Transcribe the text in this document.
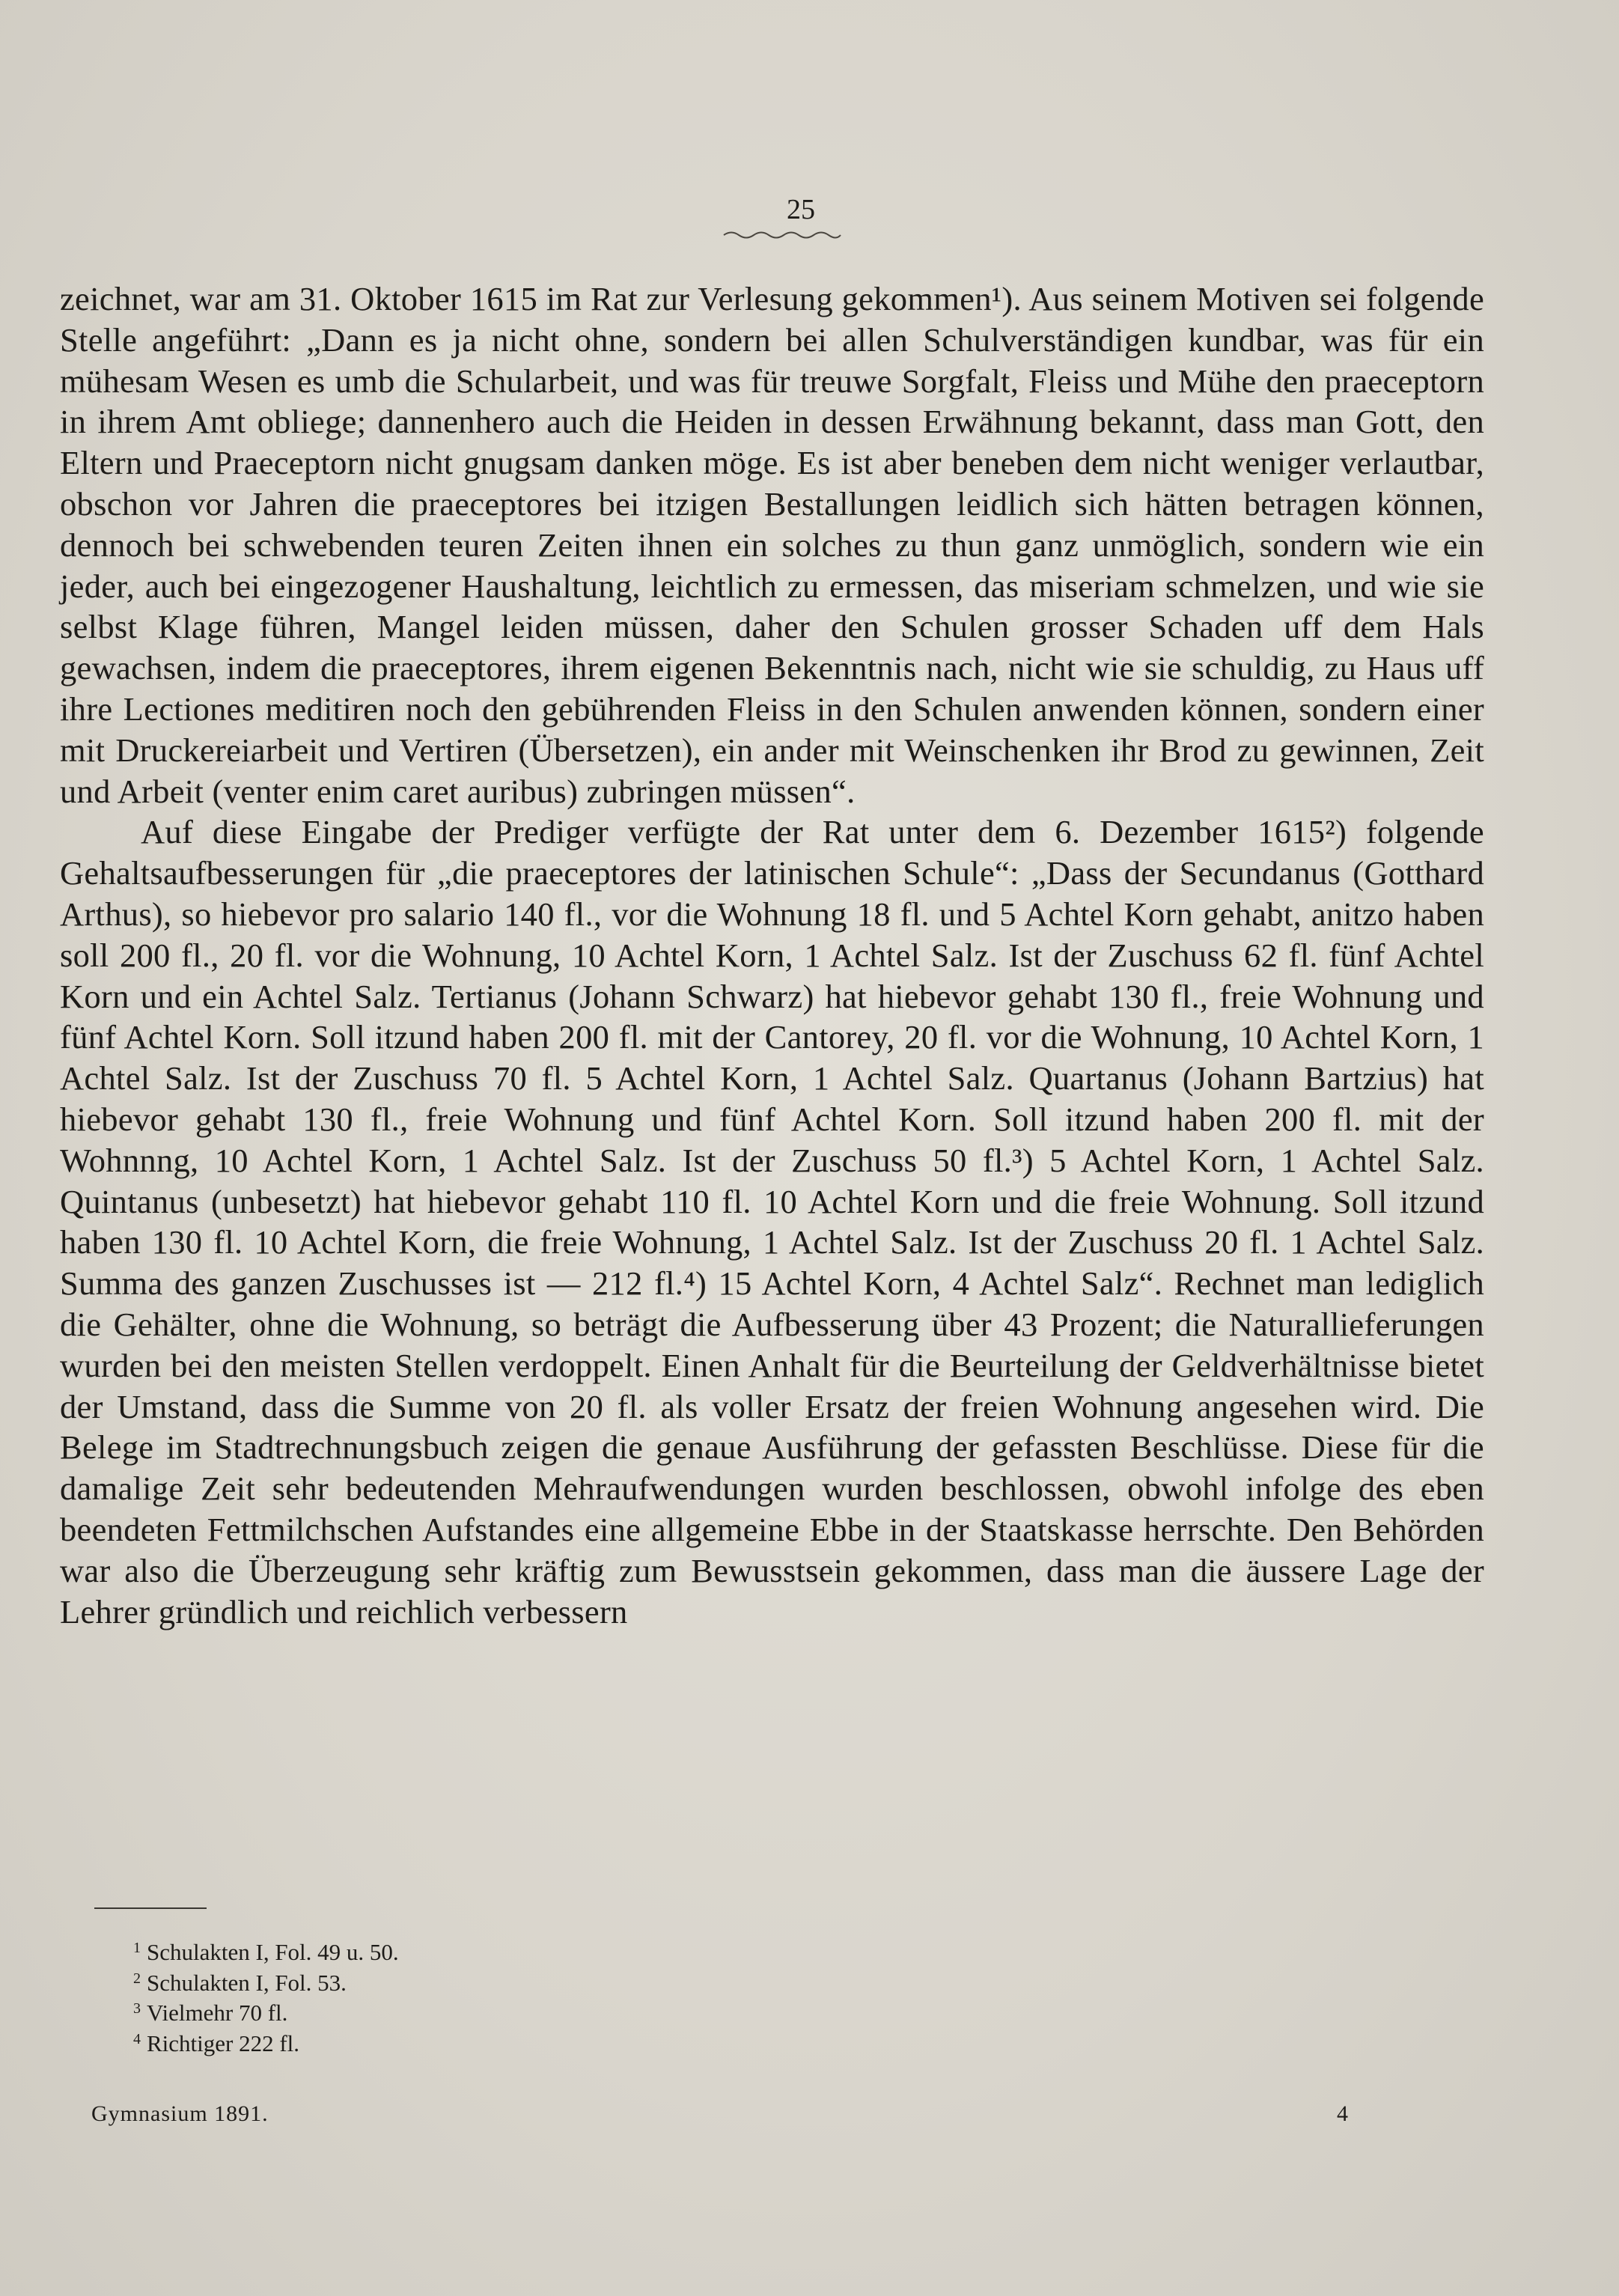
25

zeichnet, war am 31. Oktober 1615 im Rat zur Verlesung gekommen¹). Aus seinem Motiven sei folgende Stelle angeführt: „Dann es ja nicht ohne, sondern bei allen Schulverständigen kundbar, was für ein mühesam Wesen es umb die Schularbeit, und was für treuwe Sorgfalt, Fleiss und Mühe den praeceptorn in ihrem Amt obliege; dannenhero auch die Heiden in dessen Erwähnung bekannt, dass man Gott, den Eltern und Praeceptorn nicht gnugsam danken möge. Es ist aber beneben dem nicht weniger verlautbar, obschon vor Jahren die praeceptores bei itzigen Bestallungen leidlich sich hätten betragen können, dennoch bei schwebenden teuren Zeiten ihnen ein solches zu thun ganz unmöglich, sondern wie ein jeder, auch bei eingezogener Haushaltung, leichtlich zu ermessen, das miseriam schmelzen, und wie sie selbst Klage führen, Mangel leiden müssen, daher den Schulen grosser Schaden uff dem Hals gewachsen, indem die praeceptores, ihrem eigenen Bekenntnis nach, nicht wie sie schuldig, zu Haus uff ihre Lectiones meditiren noch den gebührenden Fleiss in den Schulen anwenden können, sondern einer mit Druckereiarbeit und Vertiren (Übersetzen), ein ander mit Weinschenken ihr Brod zu gewinnen, Zeit und Arbeit (venter enim caret auribus) zubringen müssen“.

Auf diese Eingabe der Prediger verfügte der Rat unter dem 6. Dezember 1615²) folgende Gehaltsaufbesserungen für „die praeceptores der latinischen Schule“: „Dass der Secundanus (Gotthard Arthus), so hiebevor pro salario 140 fl., vor die Wohnung 18 fl. und 5 Achtel Korn gehabt, anitzo haben soll 200 fl., 20 fl. vor die Wohnung, 10 Achtel Korn, 1 Achtel Salz. Ist der Zuschuss 62 fl. fünf Achtel Korn und ein Achtel Salz. Tertianus (Johann Schwarz) hat hiebevor gehabt 130 fl., freie Wohnung und fünf Achtel Korn. Soll itzund haben 200 fl. mit der Cantorey, 20 fl. vor die Wohnung, 10 Achtel Korn, 1 Achtel Salz. Ist der Zuschuss 70 fl. 5 Achtel Korn, 1 Achtel Salz. Quartanus (Johann Bartzius) hat hiebevor gehabt 130 fl., freie Wohnung und fünf Achtel Korn. Soll itzund haben 200 fl. mit der Wohnnng, 10 Achtel Korn, 1 Achtel Salz. Ist der Zuschuss 50 fl.³) 5 Achtel Korn, 1 Achtel Salz. Quintanus (unbesetzt) hat hiebevor gehabt 110 fl. 10 Achtel Korn und die freie Wohnung. Soll itzund haben 130 fl. 10 Achtel Korn, die freie Wohnung, 1 Achtel Salz. Ist der Zuschuss 20 fl. 1 Achtel Salz. Summa des ganzen Zuschusses ist — 212 fl.⁴) 15 Achtel Korn, 4 Achtel Salz“. Rechnet man lediglich die Gehälter, ohne die Wohnung, so beträgt die Aufbesserung über 43 Prozent; die Naturallieferungen wurden bei den meisten Stellen verdoppelt. Einen Anhalt für die Beurteilung der Geldverhältnisse bietet der Umstand, dass die Summe von 20 fl. als voller Ersatz der freien Wohnung angesehen wird. Die Belege im Stadtrechnungsbuch zeigen die genaue Ausführung der gefassten Beschlüsse. Diese für die damalige Zeit sehr bedeutenden Mehraufwendungen wurden beschlossen, obwohl infolge des eben beendeten Fettmilchschen Aufstandes eine allgemeine Ebbe in der Staatskasse herrschte. Den Behörden war also die Überzeugung sehr kräftig zum Bewusstsein gekommen, dass man die äussere Lage der Lehrer gründlich und reichlich verbessern

$^1$ Schulakten I, Fol. 49 u. 50.
$^2$ Schulakten I, Fol. 53.
$^3$ Vielmehr 70 fl.
$^4$ Richtiger 222 fl.
Gymnasium 1891.	4
